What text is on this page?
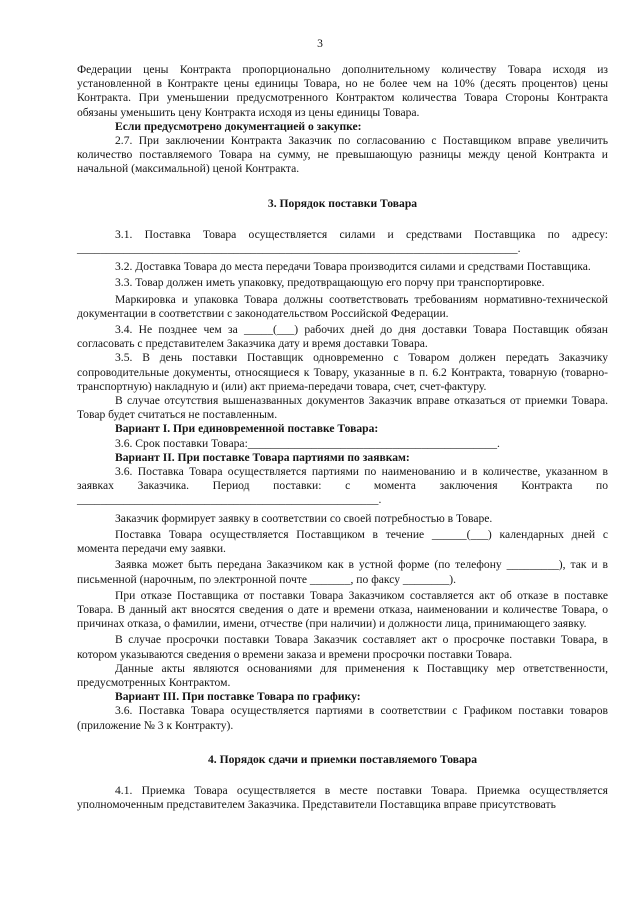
3

Федерации цены Контракта пропорционально дополнительному количеству Товара исходя из установленной в Контракте цены единицы Товара, но не более чем на 10% (десять процентов) цены Контракта. При уменьшении предусмотренного Контрактом количества Товара Стороны Контракта обязаны уменьшить цену Контракта исходя из цены единицы Товара.

Если предусмотрено документацией о закупке:

2.7. При заключении Контракта Заказчик по согласованию с Поставщиком вправе увеличить количество поставляемого Товара на сумму, не превышающую разницы между ценой Контракта и начальной (максимальной) ценой Контракта.

3. Порядок поставки Товара

3.1. Поставка Товара осуществляется силами и средствами Поставщика по адресу: ____________________________________________________________________________.

3.2. Доставка Товара до места передачи Товара производится силами и средствами Поставщика.

3.3. Товар должен иметь упаковку, предотвращающую его порчу при транспортировке.

Маркировка и упаковка Товара должны соответствовать требованиям нормативно-технической документации в соответствии с законодательством Российской Федерации.

3.4. Не позднее чем за _____(___) рабочих дней до дня доставки Товара Поставщик обязан согласовать с представителем Заказчика дату и время доставки Товара.

3.5. В день поставки Поставщик одновременно с Товаром должен передать Заказчику сопроводительные документы, относящиеся к Товару, указанные в п. 6.2 Контракта, товарную (товарно-транспортную) накладную и (или) акт приема-передачи товара, счет, счет-фактуру.

В случае отсутствия вышеназванных документов Заказчик вправе отказаться от приемки Товара. Товар будет считаться не поставленным.

Вариант I. При единовременной поставке Товара:

3.6. Срок поставки Товара:___________________________________________.

Вариант II. При поставке Товара партиями по заявкам:

3.6. Поставка Товара осуществляется партиями по наименованию и в количестве, указанном в заявках Заказчика. Период поставки: с момента заключения Контракта по ____________________________________________________.

Заказчик формирует заявку в соответствии со своей потребностью в Товаре.

Поставка Товара осуществляется Поставщиком в течение ______(___) календарных дней с момента передачи ему заявки.

Заявка может быть передана Заказчиком как в устной форме (по телефону _________), так и в письменной (нарочным, по электронной почте _______, по факсу ________).

При отказе Поставщика от поставки Товара Заказчиком составляется акт об отказе в поставке Товара. В данный акт вносятся сведения о дате и времени отказа, наименовании и количестве Товара, о причинах отказа, о фамилии, имени, отчестве (при наличии) и должности лица, принимающего заявку.

В случае просрочки поставки Товара Заказчик составляет акт о просрочке поставки Товара, в котором указываются сведения о времени заказа и времени просрочки поставки Товара.

Данные акты являются основаниями для применения к Поставщику мер ответственности, предусмотренных Контрактом.

Вариант III. При поставке Товара по графику:

3.6. Поставка Товара осуществляется партиями в соответствии с Графиком поставки товаров (приложение № 3 к Контракту).

4. Порядок сдачи и приемки поставляемого Товара

4.1. Приемка Товара осуществляется в месте поставки Товара. Приемка осуществляется уполномоченным представителем Заказчика. Представители Поставщика вправе присутствовать
